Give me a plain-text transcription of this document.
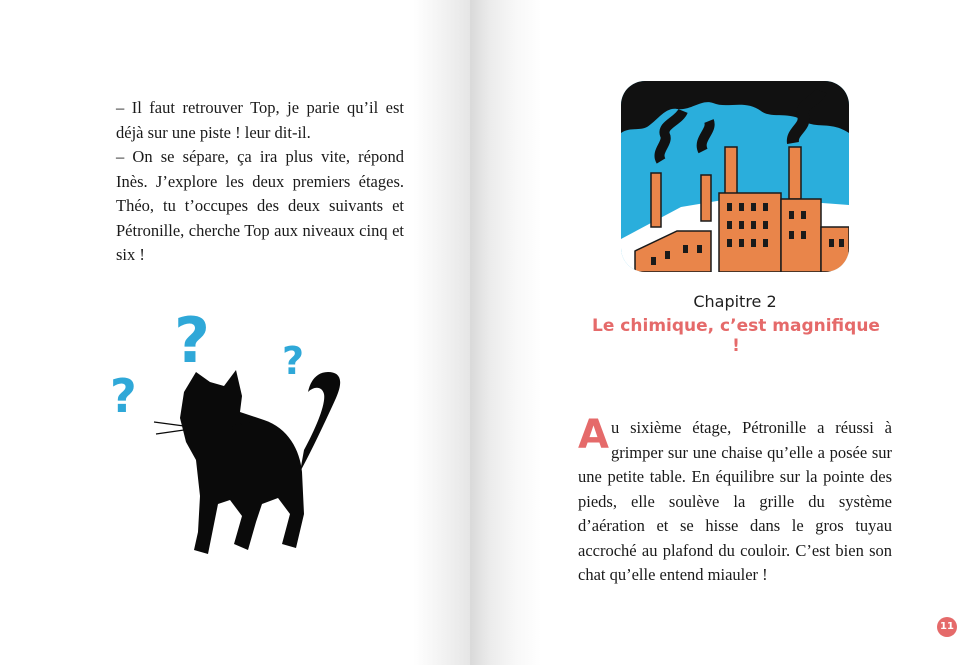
– Il faut retrouver Top, je parie qu’il est déjà sur une piste ! leur dit-il.

– On se sépare, ça ira plus vite, répond Inès. J’explore les deux premiers étages. Théo, tu t’occupes des deux suivants et Pétronille, cherche Top aux niveaux cinq et six !

?
?
?
Chapitre 2
Le chimique, c’est magnifique !

Au sixième étage, Pétronille a réussi à grimper sur une chaise qu’elle a posée sur une petite table. En équilibre sur la pointe des pieds, elle soulève la grille du système d’aération et se hisse dans le gros tuyau accroché au plafond du couloir. C’est bien son chat qu’elle entend miauler !

11
